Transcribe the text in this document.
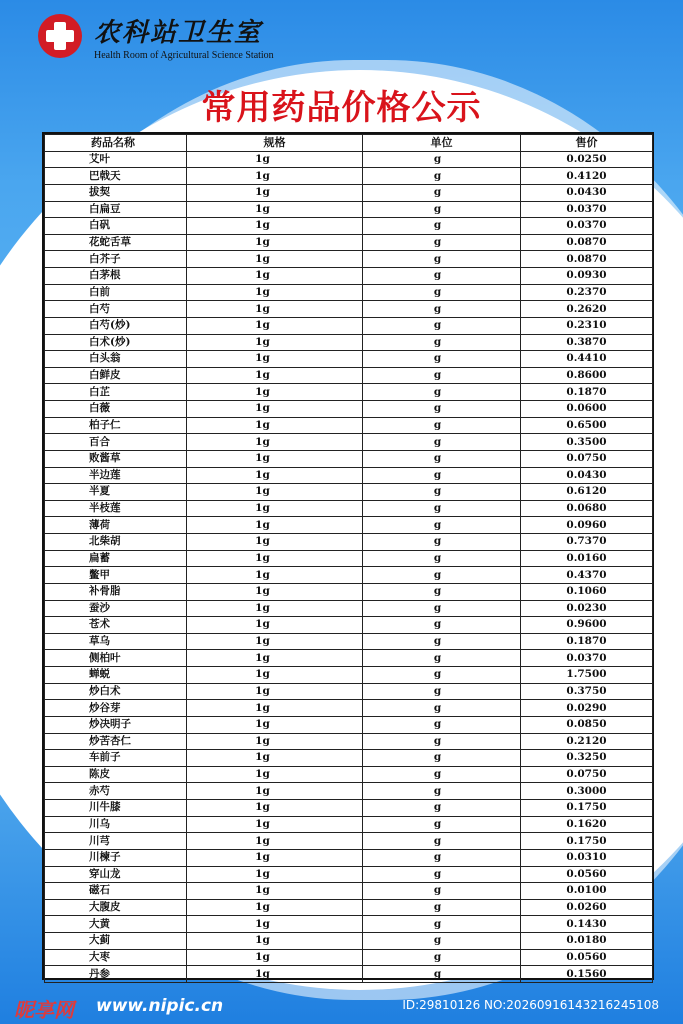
农科站卫生室
Health Room of Agricultural Science Station
常用药品价格公示
药品名称	规格	单位	售价
艾叶	1g	g	0.0250
巴戟天	1g	g	0.4120
拔契	1g	g	0.0430
白扁豆	1g	g	0.0370
白矾	1g	g	0.0370
花蛇舌草	1g	g	0.0870
白芥子	1g	g	0.0870
白茅根	1g	g	0.0930
白前	1g	g	0.2370
白芍	1g	g	0.2620
白芍(炒)	1g	g	0.2310
白术(炒)	1g	g	0.3870
白头翁	1g	g	0.4410
白鲜皮	1g	g	0.8600
白芷	1g	g	0.1870
白薇	1g	g	0.0600
柏子仁	1g	g	0.6500
百合	1g	g	0.3500
败酱草	1g	g	0.0750
半边莲	1g	g	0.0430
半夏	1g	g	0.6120
半枝莲	1g	g	0.0680
薄荷	1g	g	0.0960
北柴胡	1g	g	0.7370
扁蓄	1g	g	0.0160
鳖甲	1g	g	0.4370
补骨脂	1g	g	0.1060
蚕沙	1g	g	0.0230
苍术	1g	g	0.9600
草乌	1g	g	0.1870
侧柏叶	1g	g	0.0370
蝉蜕	1g	g	1.7500
炒白术	1g	g	0.3750
炒谷芽	1g	g	0.0290
炒决明子	1g	g	0.0850
炒苦杏仁	1g	g	0.2120
车前子	1g	g	0.3250
陈皮	1g	g	0.0750
赤芍	1g	g	0.3000
川牛膝	1g	g	0.1750
川乌	1g	g	0.1620
川芎	1g	g	0.1750
川楝子	1g	g	0.0310
穿山龙	1g	g	0.0560
磁石	1g	g	0.0100
大腹皮	1g	g	0.0260
大黄	1g	g	0.1430
大蓟	1g	g	0.0180
大枣	1g	g	0.0560
丹参	1g	g	0.1560
昵享网 www.nipic.cn	ID:29810126 NO:20260916143216245108
